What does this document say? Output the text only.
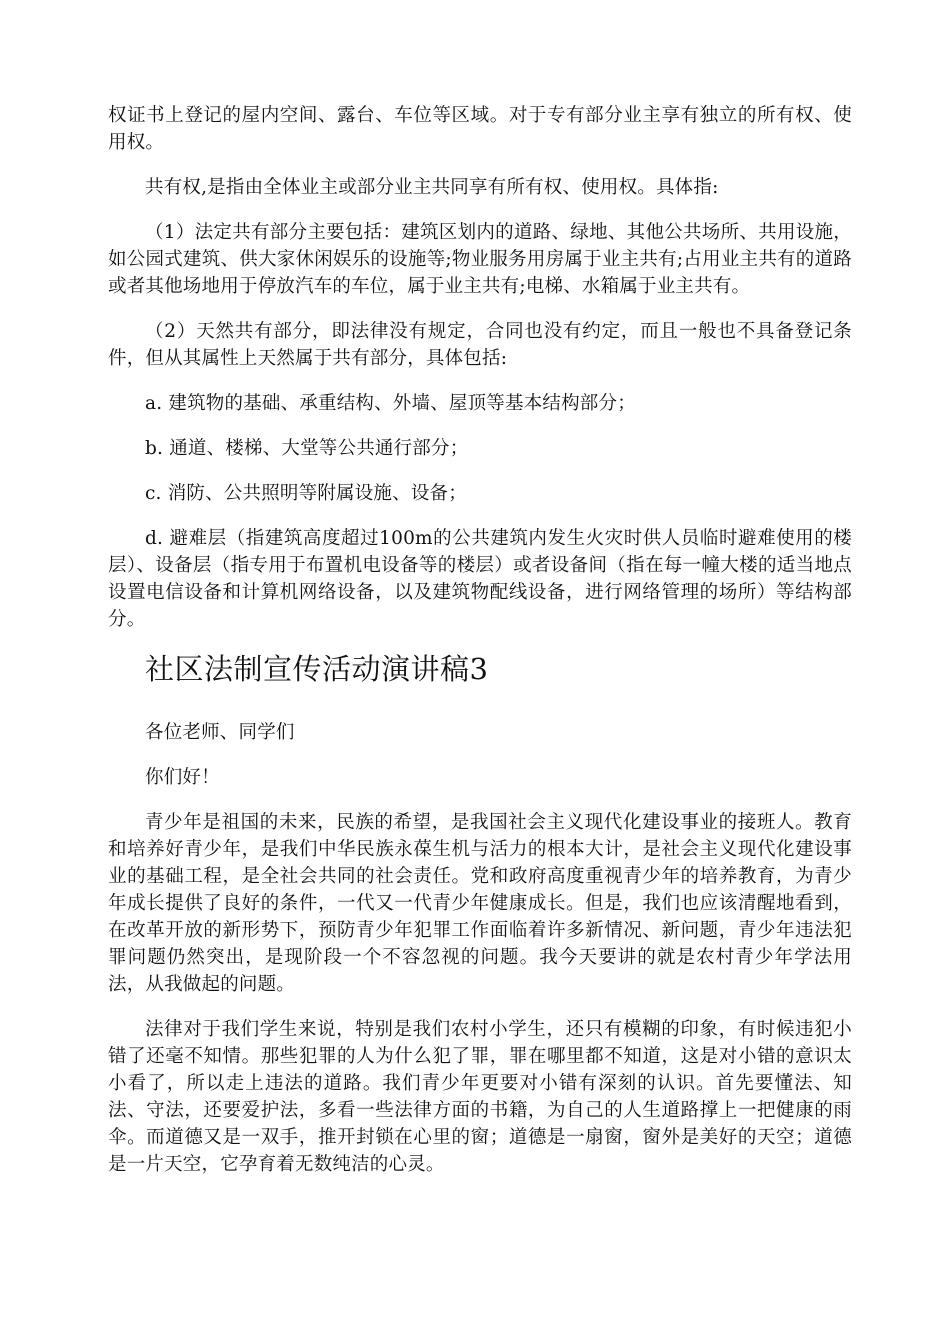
权证书上登记的屋内空间、露台、车位等区域。对于专有部分业主享有独立的所有权、使用权。

共有权,是指由全体业主或部分业主共同享有所有权、使用权。具体指:

（1）法定共有部分主要包括：建筑区划内的道路、绿地、其他公共场所、共用设施，如公园式建筑、供大家休闲娱乐的设施等;物业服务用房属于业主共有;占用业主共有的道路或者其他场地用于停放汽车的车位，属于业主共有;电梯、水箱属于业主共有。

（2）天然共有部分，即法律没有规定，合同也没有约定，而且一般也不具备登记条件，但从其属性上天然属于共有部分，具体包括:

a. 建筑物的基础、承重结构、外墙、屋顶等基本结构部分；

b. 通道、楼梯、大堂等公共通行部分；

c. 消防、公共照明等附属设施、设备；

d. 避难层（指建筑高度超过100m的公共建筑内发生火灾时供人员临时避难使用的楼层）、设备层（指专用于布置机电设备等的楼层）或者设备间（指在每一幢大楼的适当地点设置电信设备和计算机网络设备，以及建筑物配线设备，进行网络管理的场所）等结构部分。

社区法制宣传活动演讲稿3

各位老师、同学们

你们好！

青少年是祖国的未来，民族的希望，是我国社会主义现代化建设事业的接班人。教育和培养好青少年，是我们中华民族永葆生机与活力的根本大计，是社会主义现代化建设事业的基础工程，是全社会共同的社会责任。党和政府高度重视青少年的培养教育，为青少年成长提供了良好的条件，一代又一代青少年健康成长。但是，我们也应该清醒地看到，在改革开放的新形势下，预防青少年犯罪工作面临着许多新情况、新问题，青少年违法犯罪问题仍然突出，是现阶段一个不容忽视的问题。我今天要讲的就是农村青少年学法用法，从我做起的问题。

法律对于我们学生来说，特别是我们农村小学生，还只有模糊的印象，有时候违犯小错了还毫不知情。那些犯罪的人为什么犯了罪，罪在哪里都不知道，这是对小错的意识太小看了，所以走上违法的道路。我们青少年更要对小错有深刻的认识。首先要懂法、知法、守法，还要爱护法，多看一些法律方面的书籍，为自己的人生道路撑上一把健康的雨伞。而道德又是一双手，推开封锁在心里的窗；道德是一扇窗，窗外是美好的天空；道德是一片天空，它孕育着无数纯洁的心灵。
